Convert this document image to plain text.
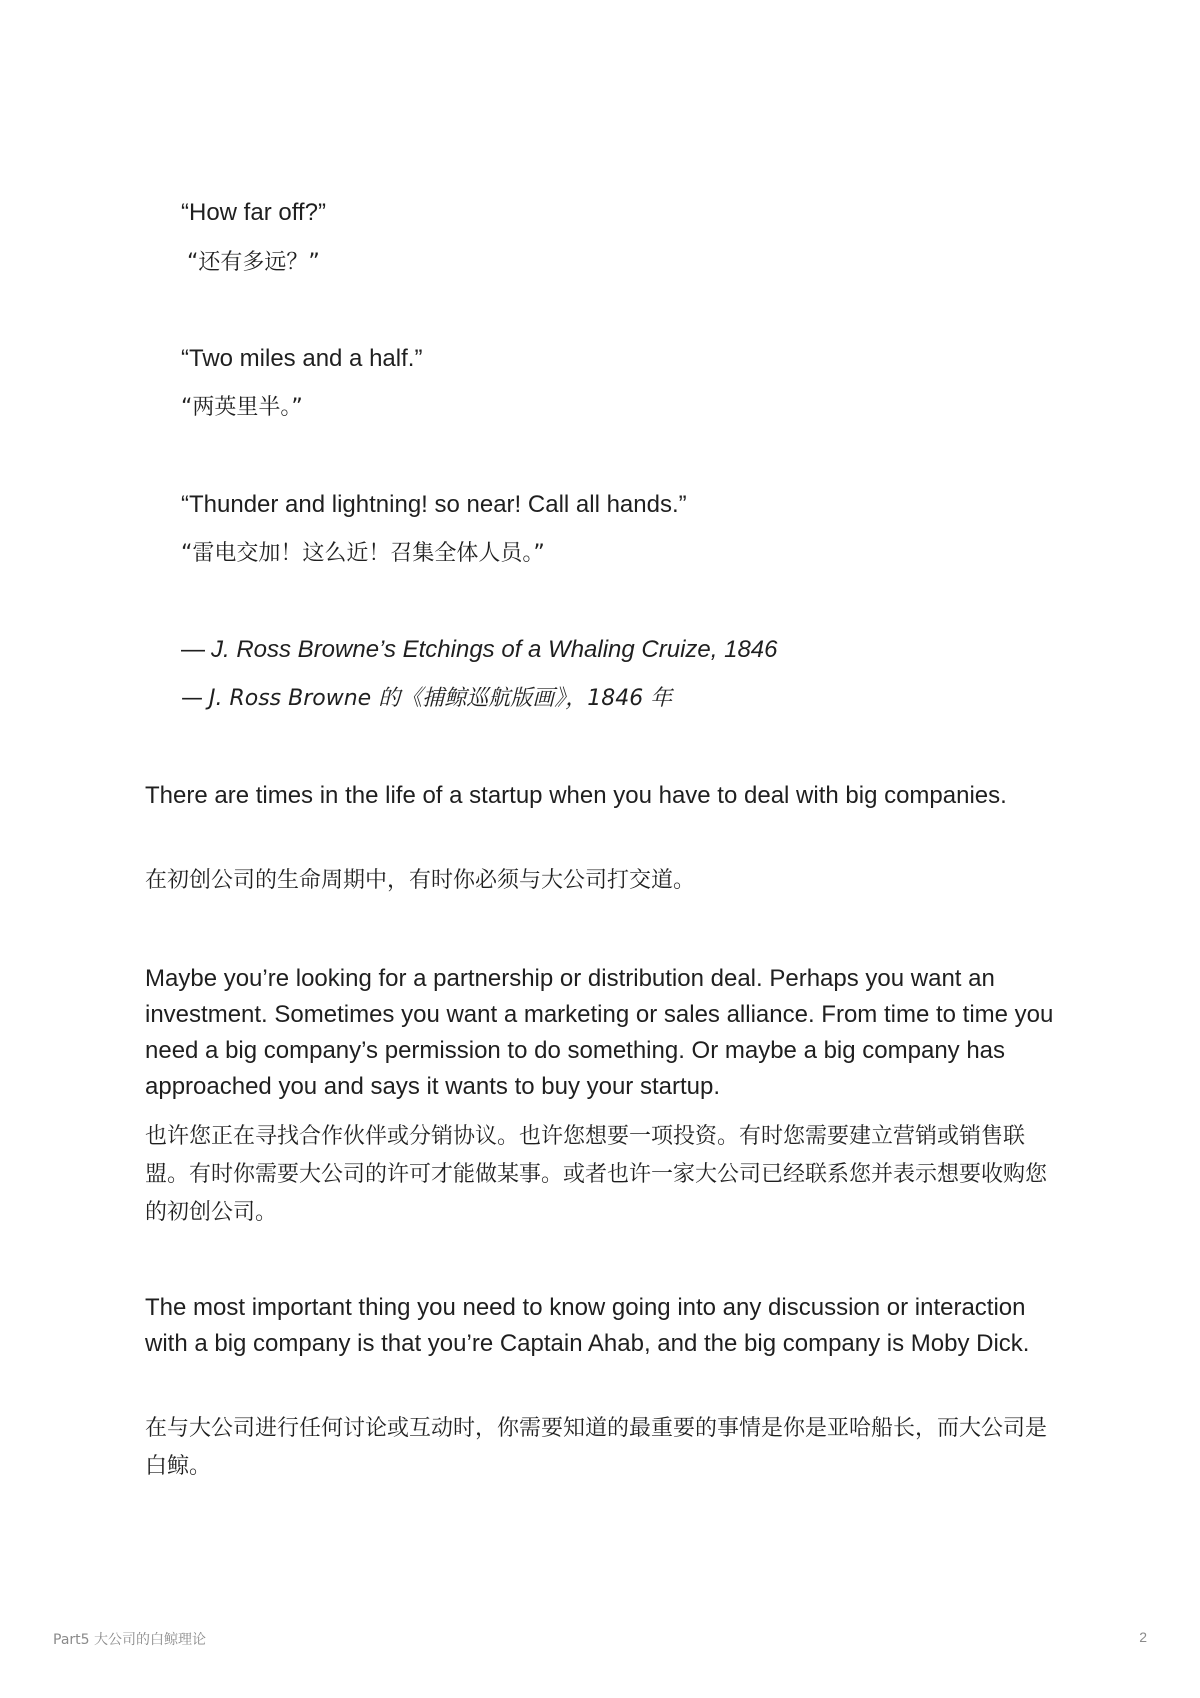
“How far off?”
“还有多远？”
“Two miles and a half.”
“两英里半。”
“Thunder and lightning! so near! Call all hands.”
“雷电交加！这么近！召集全体人员。”
— J. Ross Browne’s Etchings of a Whaling Cruize, 1846
— J. Ross Browne 的《捕鲸巡航版画》，1846 年

There are times in the life of a startup when you have to deal with big companies.

在初创公司的生命周期中，有时你必须与大公司打交道。

Maybe you’re looking for a partnership or distribution deal. Perhaps you want an investment. Sometimes you want a marketing or sales alliance. From time to time you need a big company’s permission to do something. Or maybe a big company has approached you and says it wants to buy your startup.

也许您正在寻找合作伙伴或分销协议。也许您想要一项投资。有时您需要建立营销或销售联盟。有时你需要大公司的许可才能做某事。或者也许一家大公司已经联系您并表示想要收购您的初创公司。

The most important thing you need to know going into any discussion or interaction with a big company is that you’re Captain Ahab, and the big company is Moby Dick.

在与大公司进行任何讨论或互动时，你需要知道的最重要的事情是你是亚哈船长，而大公司是白鲸。

Part5 大公司的白鲸理论	2
